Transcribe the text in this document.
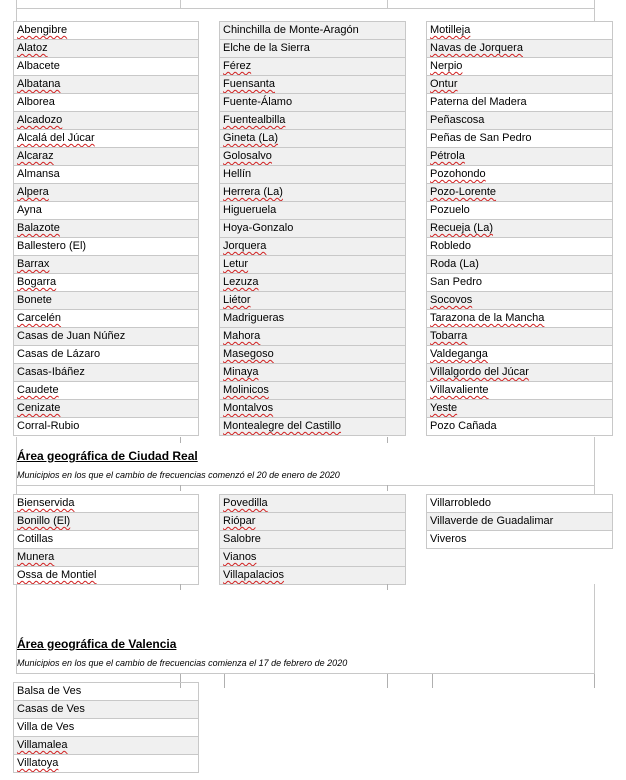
Abengibre
Alatoz
Albacete
Albatana
Alborea
Alcadozo
Alcalá del Júcar
Alcaraz
Almansa
Alpera
Ayna
Balazote
Ballestero (El)
Barrax
Bogarra
Bonete
Carcelén
Casas de Juan Núñez
Casas de Lázaro
Casas-Ibáñez
Caudete
Cenizate
Corral-Rubio
Chinchilla de Monte-Aragón
Elche de la Sierra
Férez
Fuensanta
Fuente-Álamo
Fuentealbilla
Gineta (La)
Golosalvo
Hellín
Herrera (La)
Higueruela
Hoya-Gonzalo
Jorquera
Letur
Lezuza
Liétor
Madrigueras
Mahora
Masegoso
Minaya
Molinicos
Montalvos
Montealegre del Castillo
Motilleja
Navas de Jorquera
Nerpio
Ontur
Paterna del Madera
Peñascosa
Peñas de San Pedro
Pétrola
Pozohondo
Pozo-Lorente
Pozuelo
Recueja (La)
Robledo
Roda (La)
San Pedro
Socovos
Tarazona de la Mancha
Tobarra
Valdeganga
Villalgordo del Júcar
Villavaliente
Yeste
Pozo Cañada
Área geográfica de Ciudad Real
Municipios en los que el cambio de frecuencias comenzó el 20 de enero de 2020
Bienservida
Bonillo (El)
Cotillas
Munera
Ossa de Montiel
Povedilla
Riópar
Salobre
Vianos
Villapalacios
Villarrobledo
Villaverde de Guadalimar
Viveros
Área geográfica de Valencia
Municipios en los que el cambio de frecuencias comienza el 17 de febrero de 2020
Balsa de Ves
Casas de Ves
Villa de Ves
Villamalea
Villatoya
